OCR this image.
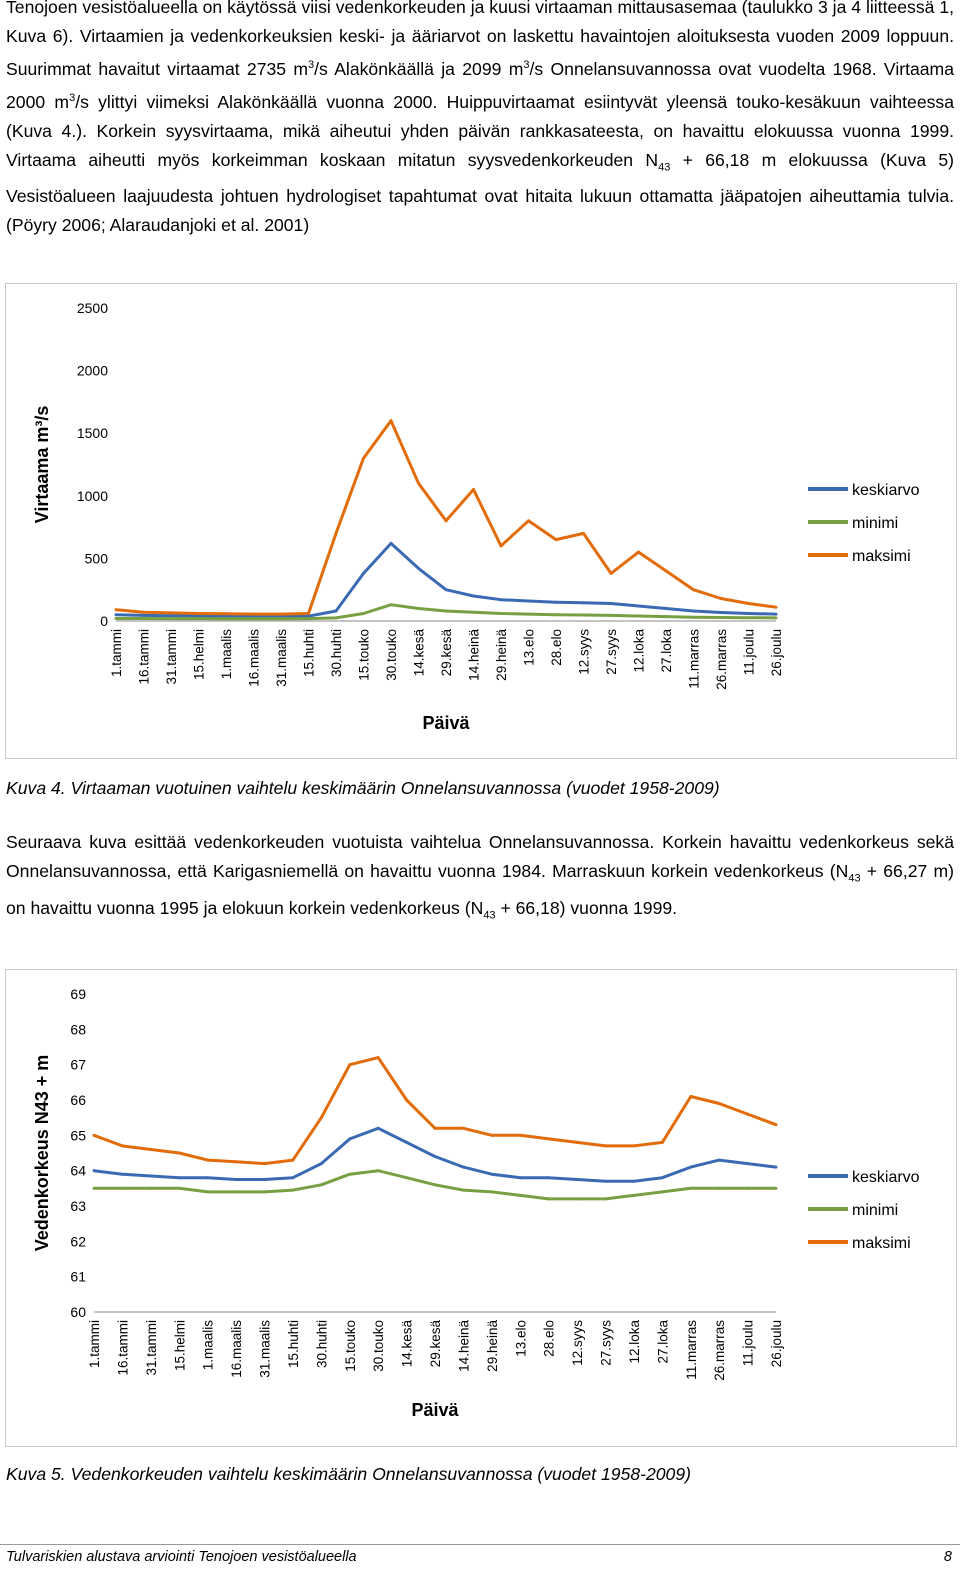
Tenojoen vesistöalueella on käytössä viisi vedenkorkeuden ja kuusi virtaaman mittausasemaa (taulukko 3 ja 4 liitteessä 1, Kuva 6). Virtaamien ja vedenkorkeuksien keski- ja ääriarvot on laskettu havaintojen aloituksesta vuoden 2009 loppuun. Suurimmat havaitut virtaamat 2735 $m^3/s$ Alakönkäällä ja 2099 $m^3/s$ Onnelansuvannossa ovat vuodelta 1968. Virtaama 2000 $m^3/s$ ylittyi viimeksi Alakönkäällä vuonna 2000. Huippuvirtaamat esiintyvät yleensä touko-kesäkuun vaihteessa (Kuva 4.). Korkein syysvirtaama, mikä aiheutui yhden päivän rankkasateesta, on havaittu elokuussa vuonna 1999. Virtaama aiheutti myös korkeimman koskaan mitatun syysvedenkorkeuden $N_{43} + 66,18$ m elokuussa (Kuva 5) Vesistöalueen laajuudesta johtuen hydrologiset tapahtumat ovat hitaita lukuun ottamatta jääpatojen aiheuttamia tulvia. (Pöyry 2006; Alaraudanjoki et al. 2001)

0
500
1000
1500
2000
2500
1.tammi 16.tammi 31.tammi 15.helmi 1.maalis 16.maalis 31.maalis 15.huhti 30.huhti 15.touko 30.touko 14.kesä 29.kesä 14.heinä 29.heinä 13.elo 28.elo 12.syys 27.syys 12.loka 27.loka 11.marras 26.marras 11.joulu 26.joulu
keskiarvo
minimi
maksimi
Päivä
Virtaama m³/s

Kuva 4. Virtaaman vuotuinen vaihtelu keskimäärin Onnelansuvannossa (vuodet 1958-2009)

Seuraava kuva esittää vedenkorkeuden vuotuista vaihtelua Onnelansuvannossa. Korkein havaittu vedenkorkeus sekä Onnelansuvannossa, että Karigasniemellä on havaittu vuonna 1984. Marraskuun korkein vedenkorkeus ($N_{43} + 66,27$ m) on havaittu vuonna 1995 ja elokuun korkein vedenkorkeus $(N_{43} + 66,18)$ vuonna 1999.

60
61
62
63
64
65
66
67
68
69
1.tammi 16.tammi 31.tammi 15.helmi 1.maalis 16.maalis 31.maalis 15.huhti 30.huhti 15.touko 30.touko 14.kesä 29.kesä 14.heinä 29.heinä 13.elo 28.elo 12.syys 27.syys 12.loka 27.loka 11.marras 26.marras 11.joulu 26.joulu
keskiarvo
minimi
maksimi
Päivä
Vedenkorkeus N43 + m

Kuva 5. Vedenkorkeuden vaihtelu keskimäärin Onnelansuvannossa (vuodet 1958-2009)

Tulvariskien alustava arviointi Tenojoen vesistöalueella	8
